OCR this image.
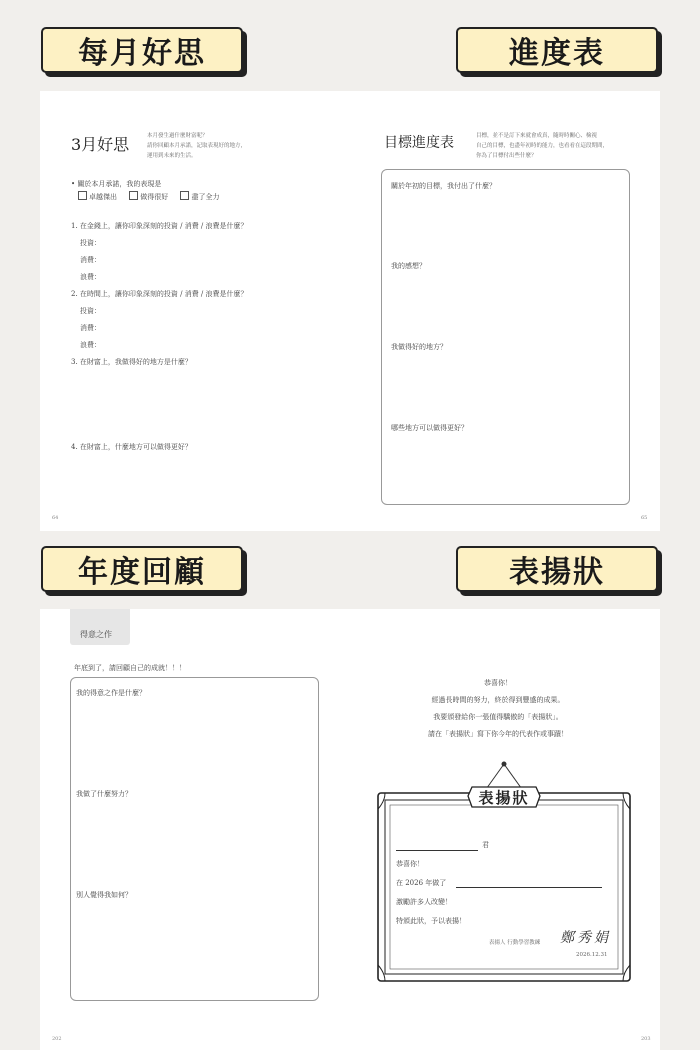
每月好思	進度表
3月好思	本月發生過什麼財富呢？
請你回顧本月承諾，記取表現好的地方，
運用到未來的生活。
• 關於本月承諾，我的表現是
卓越傑出	做得很好	盡了全力
1. 在金錢上，讓你印象深刻的投資 / 消費 / 浪費是什麼？
投資：
消費：
浪費：
2. 在時間上，讓你印象深刻的投資 / 消費 / 浪費是什麼？
投資：
消費：
浪費：
3. 在財富上，我做得好的地方是什麼？
4. 在財富上，什麼地方可以做得更好？
64
目標進度表	目標，並不是訂下來就會成真，隨時時關心、檢視
自己的目標，也盡年初時的能力，也看看在這段期間，
你為了目標付出些什麼？
關於年初的目標，我付出了什麼？
我的感想？
我做得好的地方？
哪些地方可以做得更好？
65
年度回顧	表揚狀
得意之作
年底到了，請回顧自己的成就！！！
我的得意之作是什麼？
我做了什麼努力？
別人覺得我如何？
202
恭喜你！
經過長時間的努力，終於得到豐盛的成果。
我要頒發給你一張值得驕傲的「表揚狀」。
請在「表揚狀」寫下你今年的代表作或事蹟！
表揚狀
君
恭喜你！
在 2026 年做了
激勵許多人改變！
特頒此狀，予以表揚！
表揚人 行動學習教練 鄭秀娟
2026.12.31
203
